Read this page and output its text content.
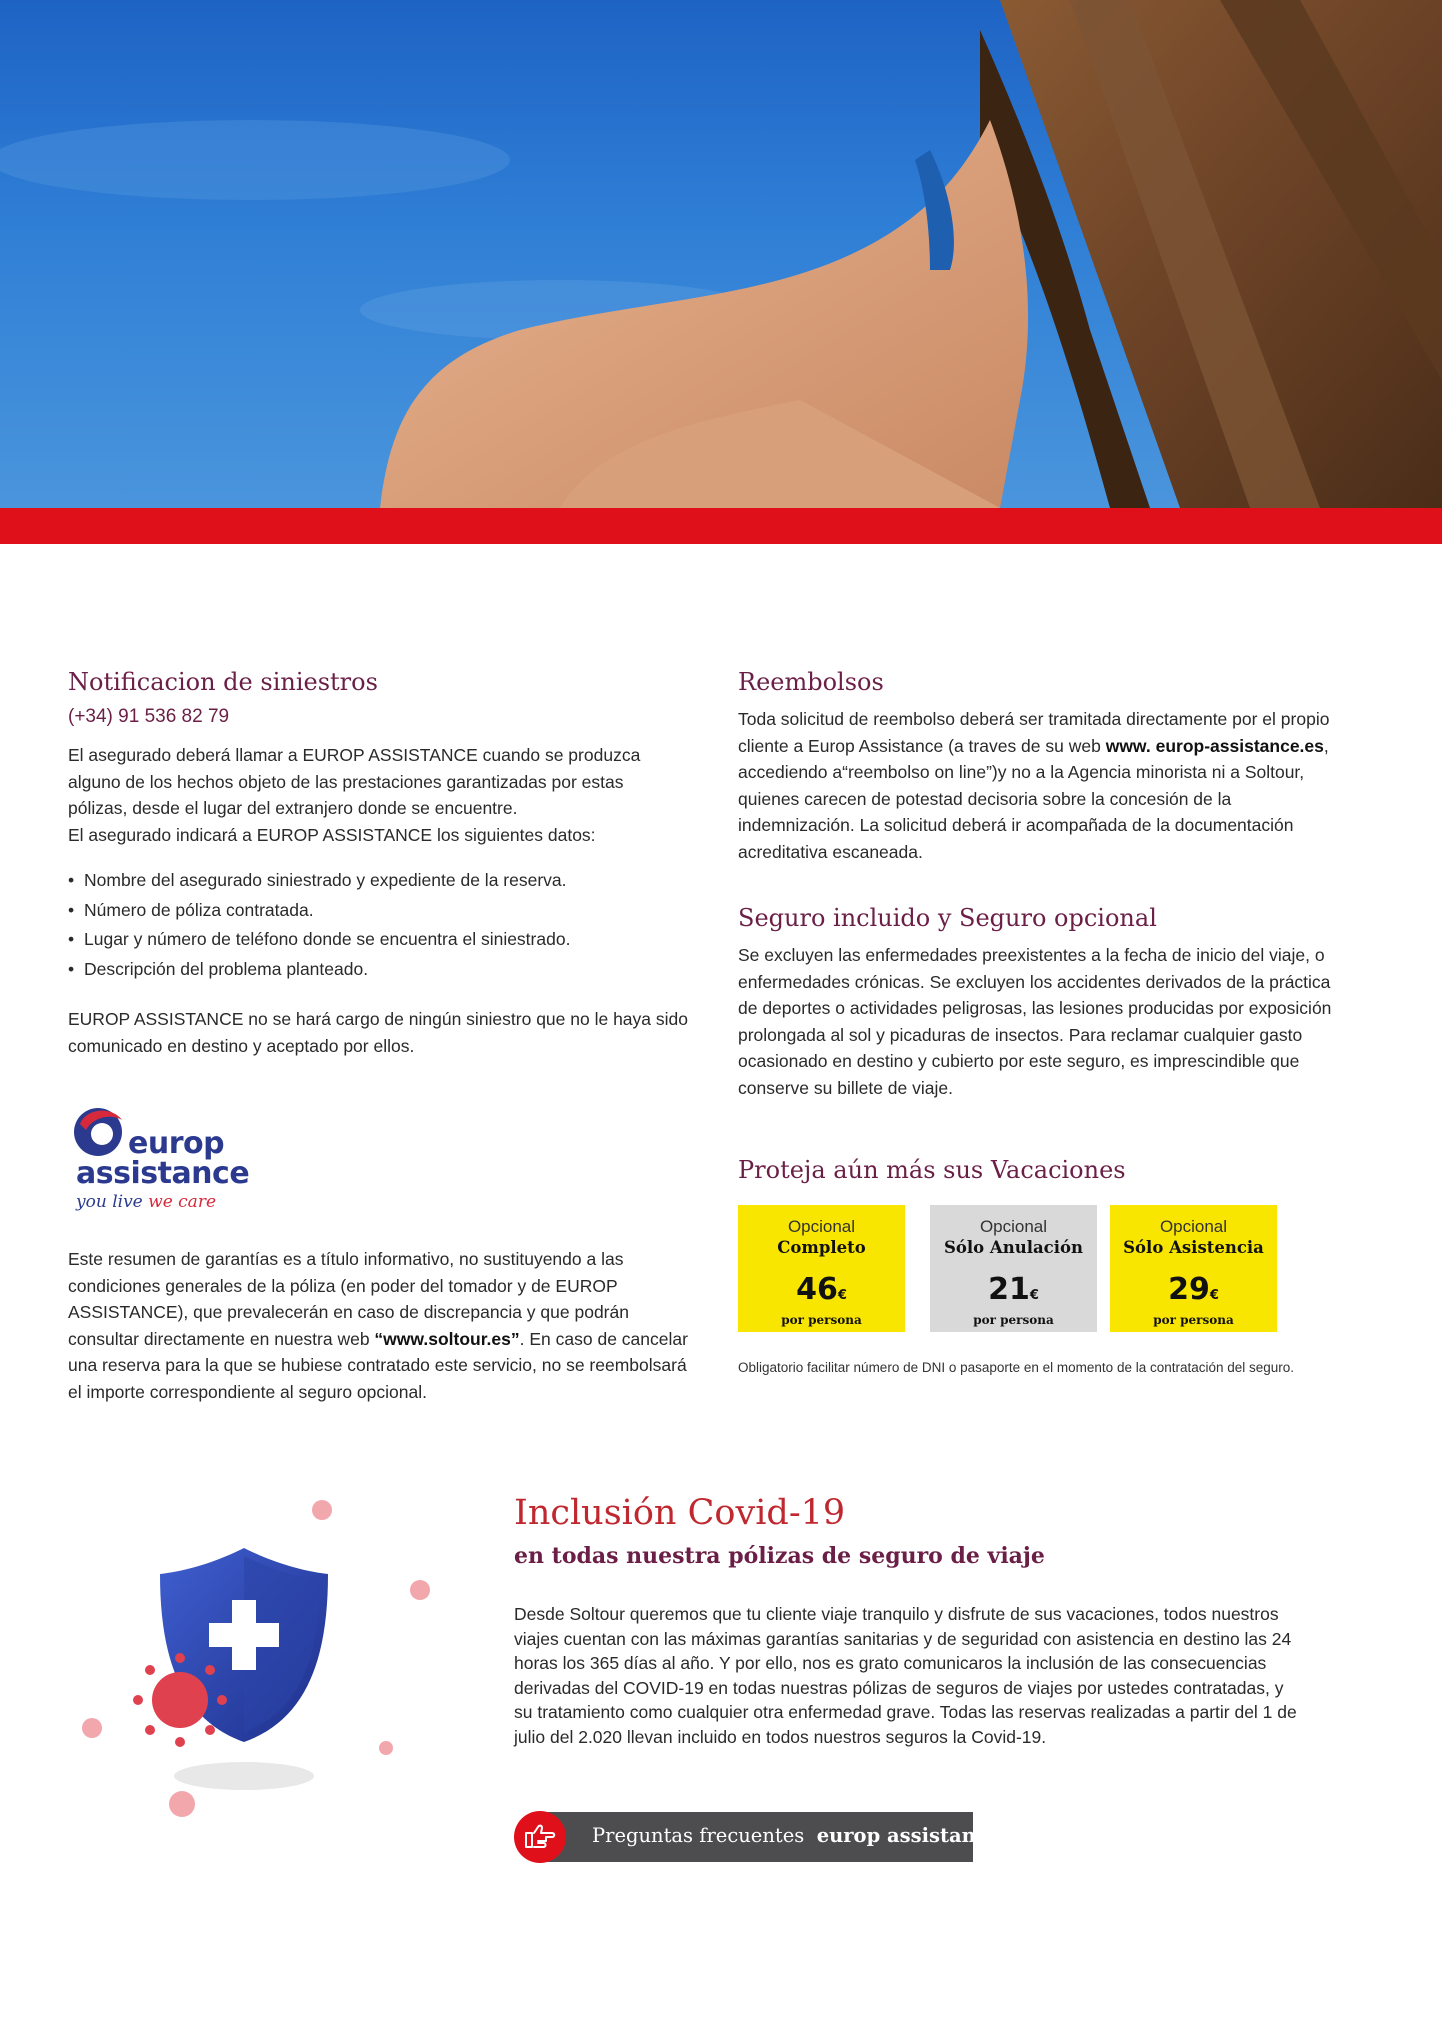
Notificacion de siniestros
(+34) 91 536 82 79

El asegurado deberá llamar a EUROP ASSISTANCE cuando se produzca alguno de los hechos objeto de las prestaciones garantizadas por estas pólizas, desde el lugar del extranjero donde se encuentre.
El asegurado indicará a EUROP ASSISTANCE los siguientes datos:

• Nombre del asegurado siniestrado y expediente de la reserva.
• Número de póliza contratada.
• Lugar y número de teléfono donde se encuentra el siniestrado.
• Descripción del problema planteado.

EUROP ASSISTANCE no se hará cargo de ningún siniestro que no le haya sido comunicado en destino y aceptado por ellos.

europ
assistance
you live we care

Este resumen de garantías es a título informativo, no sustituyendo a las condiciones generales de la póliza (en poder del tomador y de EUROP ASSISTANCE), que prevalecerán en caso de discrepancia y que podrán consultar directamente en nuestra web “www.soltour.es”. En caso de cancelar una reserva para la que se hubiese contratado este servicio, no se reembolsará el importe correspondiente al seguro opcional.

Reembolsos

Toda solicitud de reembolso deberá ser tramitada directamente por el propio cliente a Europ Assistance (a traves de su web www. europ-assistance.es, accediendo a“reembolso on line”)y no a la Agencia minorista ni a Soltour, quienes carecen de potestad decisoria sobre la concesión de la indemnización. La solicitud deberá ir acompañada de la documentación acreditativa escaneada.

Seguro incluido y Seguro opcional

Se excluyen las enfermedades preexistentes a la fecha de inicio del viaje, o enfermedades crónicas. Se excluyen los accidentes derivados de la práctica de deportes o actividades peligrosas, las lesiones producidas por exposición prolongada al sol y picaduras de insectos. Para reclamar cualquier gasto ocasionado en destino y cubierto por este seguro, es imprescindible que conserve su billete de viaje.

Proteja aún más sus Vacaciones
Opcional
Completo
46€
por persona
Opcional
Sólo Anulación
21€
por persona
Opcional
Sólo Asistencia
29€
por persona
Obligatorio facilitar número de DNI o pasaporte en el momento de la contratación del seguro.
Inclusión Covid-19
en todas nuestra pólizas de seguro de viaje

Desde Soltour queremos que tu cliente viaje tranquilo y disfrute de sus vacaciones, todos nuestros viajes cuentan con las máximas garantías sanitarias y de seguridad con asistencia en destino las 24 horas los 365 días al año. Y por ello, nos es grato comunicaros la inclusión de las consecuencias derivadas del COVID-19 en todas nuestras pólizas de seguros de viajes por ustedes contratadas, y su tratamiento como cualquier otra enfermedad grave. Todas las reservas realizadas a partir del 1 de julio del 2.020 llevan incluido en todos nuestros seguros la Covid-19.

Preguntas frecuentes europ assistance
